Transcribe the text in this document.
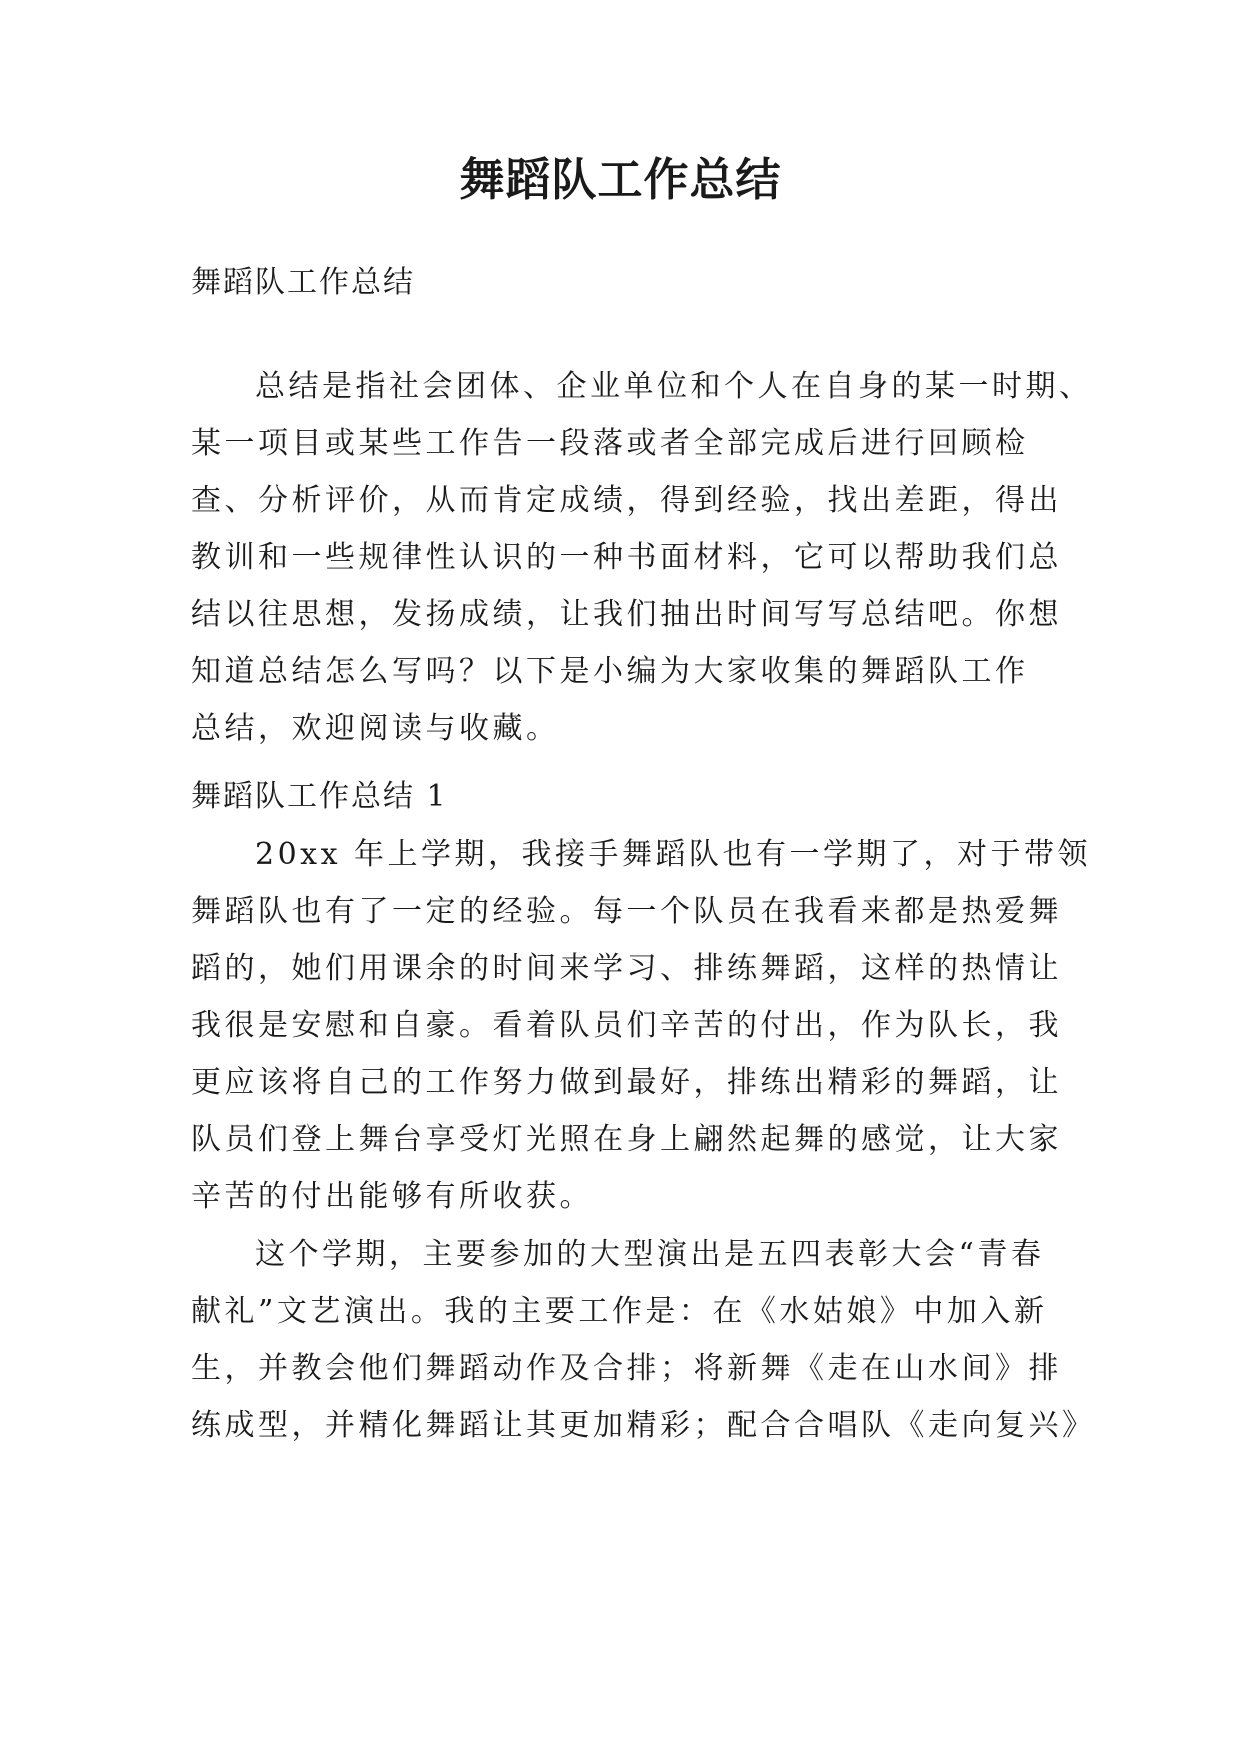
舞蹈队工作总结
舞蹈队工作总结
总结是指社会团体、企业单位和个人在自身的某一时期、
某一项目或某些工作告一段落或者全部完成后进行回顾检
查、分析评价，从而肯定成绩，得到经验，找出差距，得出
教训和一些规律性认识的一种书面材料，它可以帮助我们总
结以往思想，发扬成绩，让我们抽出时间写写总结吧。你想
知道总结怎么写吗？以下是小编为大家收集的舞蹈队工作
总结，欢迎阅读与收藏。
舞蹈队工作总结 1
20xx 年上学期，我接手舞蹈队也有一学期了，对于带领
舞蹈队也有了一定的经验。每一个队员在我看来都是热爱舞
蹈的，她们用课余的时间来学习、排练舞蹈，这样的热情让
我很是安慰和自豪。看着队员们辛苦的付出，作为队长，我
更应该将自己的工作努力做到最好，排练出精彩的舞蹈，让
队员们登上舞台享受灯光照在身上翩然起舞的感觉，让大家
辛苦的付出能够有所收获。
这个学期，主要参加的大型演出是五四表彰大会“青春
献礼”文艺演出。我的主要工作是：在《水姑娘》中加入新
生，并教会他们舞蹈动作及合排；将新舞《走在山水间》排
练成型，并精化舞蹈让其更加精彩；配合合唱队《走向复兴》
